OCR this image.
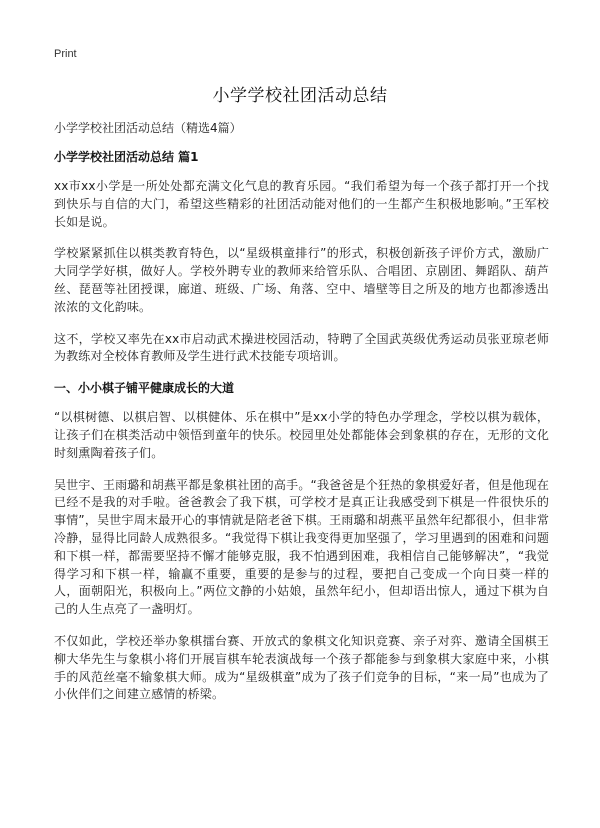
Print
小学学校社团活动总结

小学学校社团活动总结（精选4篇）

小学学校社团活动总结 篇1

xx市xx小学是一所处处都充满文化气息的教育乐园。“我们希望为每一个孩子都打开一个找到快乐与自信的大门，希望这些精彩的社团活动能对他们的一生都产生积极地影响。”王军校长如是说。

学校紧紧抓住以棋类教育特色，以“星级棋童排行”的形式，积极创新孩子评价方式，激励广大同学学好棋，做好人。学校外聘专业的教师来给管乐队、合唱团、京剧团、舞蹈队、葫芦丝、琵琶等社团授课，廊道、班级、广场、角落、空中、墙壁等目之所及的地方也都渗透出浓浓的文化韵味。

这不，学校又率先在xx市启动武术操进校园活动，特聘了全国武英级优秀运动员张亚琼老师为教练对全校体育教师及学生进行武术技能专项培训。

一、小小棋子铺平健康成长的大道

“以棋树德、以棋启智、以棋健体、乐在棋中”是xx小学的特色办学理念，学校以棋为载体，让孩子们在棋类活动中领悟到童年的快乐。校园里处处都能体会到象棋的存在，无形的文化时刻熏陶着孩子们。

吴世宇、王雨璐和胡燕平都是象棋社团的高手。“我爸爸是个狂热的象棋爱好者，但是他现在已经不是我的对手啦。爸爸教会了我下棋，可学校才是真正让我感受到下棋是一件很快乐的事情”，吴世宇周末最开心的事情就是陪老爸下棋。王雨璐和胡燕平虽然年纪都很小，但非常冷静，显得比同龄人成熟很多。“我觉得下棋让我变得更加坚强了，学习里遇到的困难和问题和下棋一样，都需要坚持不懈才能够克服，我不怕遇到困难，我相信自己能够解决”，“我觉得学习和下棋一样，输赢不重要，重要的是参与的过程，要把自己变成一个向日葵一样的人，面朝阳光，积极向上。”两位文静的小姑娘，虽然年纪小，但却语出惊人，通过下棋为自己的人生点亮了一盏明灯。

不仅如此，学校还举办象棋擂台赛、开放式的象棋文化知识竞赛、亲子对弈、邀请全国棋王柳大华先生与象棋小将们开展盲棋车轮表演战每一个孩子都能参与到象棋大家庭中来，小棋手的风范丝毫不输象棋大师。成为“星级棋童”成为了孩子们竞争的目标，“来一局”也成为了小伙伴们之间建立感情的桥梁。
